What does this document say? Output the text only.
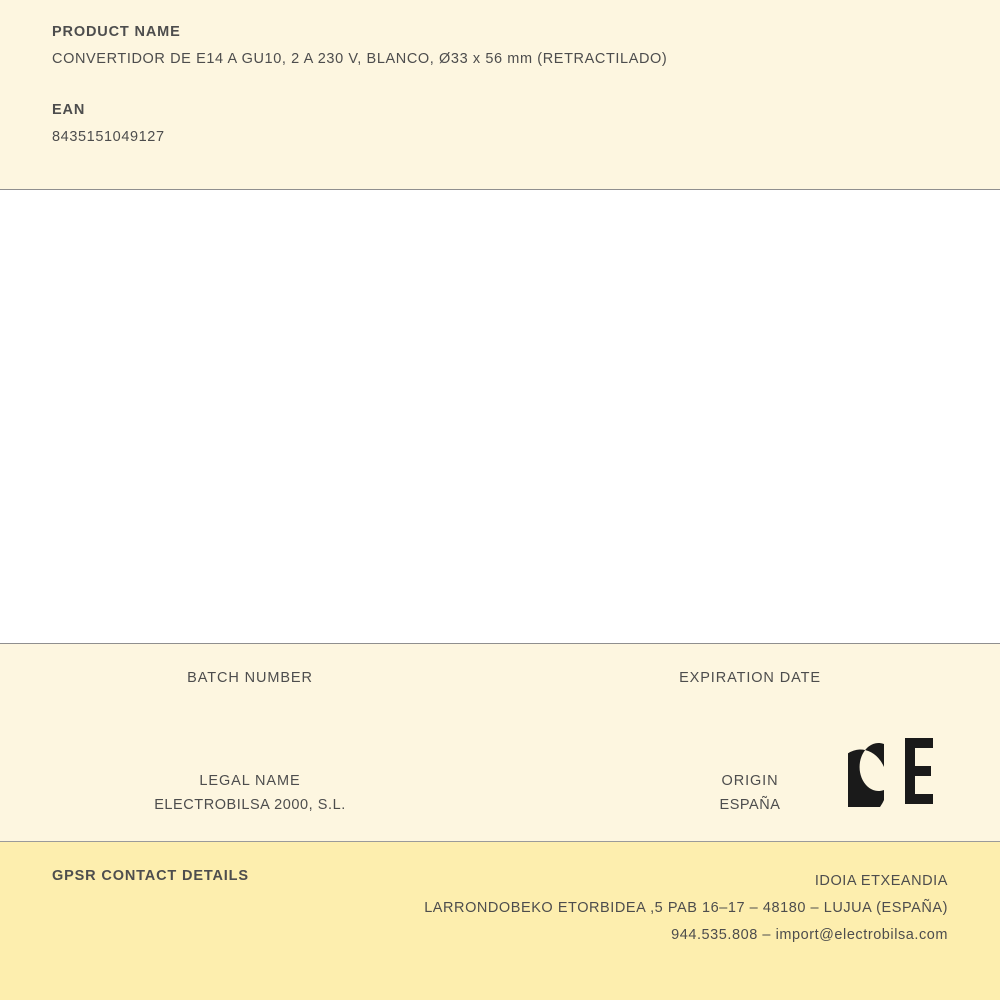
PRODUCT NAME

CONVERTIDOR DE E14 A GU10, 2 A 230 V, BLANCO, Ø33 x 56 mm (RETRACTILADO)

EAN

8435151049127

BATCH NUMBER	EXPIRATION DATE
LEGAL NAME
ELECTROBILSA 2000, S.L.
ORIGIN
ESPAÑA
GPSR CONTACT DETAILS	IDOIA ETXEANDIA
LARRONDOBEKO ETORBIDEA ,5 PAB 16–17 – 48180 – LUJUA (ESPAÑA)
944.535.808 – import@electrobilsa.com
